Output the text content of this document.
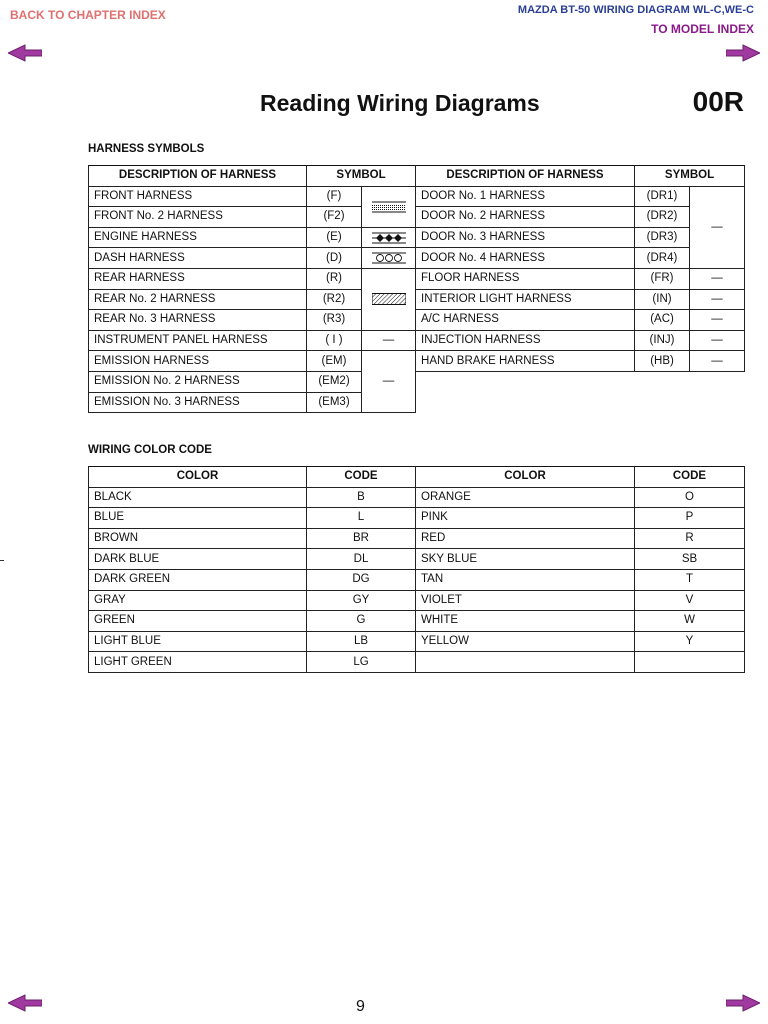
BACK TO CHAPTER INDEX	MAZDA BT-50 WIRING DIAGRAM WL-C,WE-C
TO MODEL INDEX
Reading Wiring Diagrams	00R
HARNESS SYMBOLS
DESCRIPTION OF HARNESS	SYMBOL		DESCRIPTION OF HARNESS	SYMBOL	
FRONT HARNESS	(F)		DOOR No. 1 HARNESS	(DR1)	—
FRONT No. 2 HARNESS	(F2)		DOOR No. 2 HARNESS	(DR2)	
ENGINE HARNESS	(E)		DOOR No. 3 HARNESS	(DR3)	
DASH HARNESS	(D)		DOOR No. 4 HARNESS	(DR4)	
REAR HARNESS	(R)		FLOOR HARNESS	(FR)	—
REAR No. 2 HARNESS	(R2)		INTERIOR LIGHT HARNESS	(IN)	—
REAR No. 3 HARNESS	(R3)		A/C HARNESS	(AC)	—
INSTRUMENT PANEL HARNESS	( I )	—	INJECTION HARNESS	(INJ)	—
EMISSION HARNESS	(EM)	—	HAND BRAKE HARNESS	(HB)	—
EMISSION No. 2 HARNESS	(EM2)				
EMISSION No. 3 HARNESS	(EM3)				
WIRING COLOR CODE
COLOR	CODE	COLOR	CODE
BLACK	B	ORANGE	O
BLUE	L	PINK	P
BROWN	BR	RED	R
DARK BLUE	DL	SKY BLUE	SB
DARK GREEN	DG	TAN	T
GRAY	GY	VIOLET	V
GREEN	G	WHITE	W
LIGHT BLUE	LB	YELLOW	Y
LIGHT GREEN	LG		
9
